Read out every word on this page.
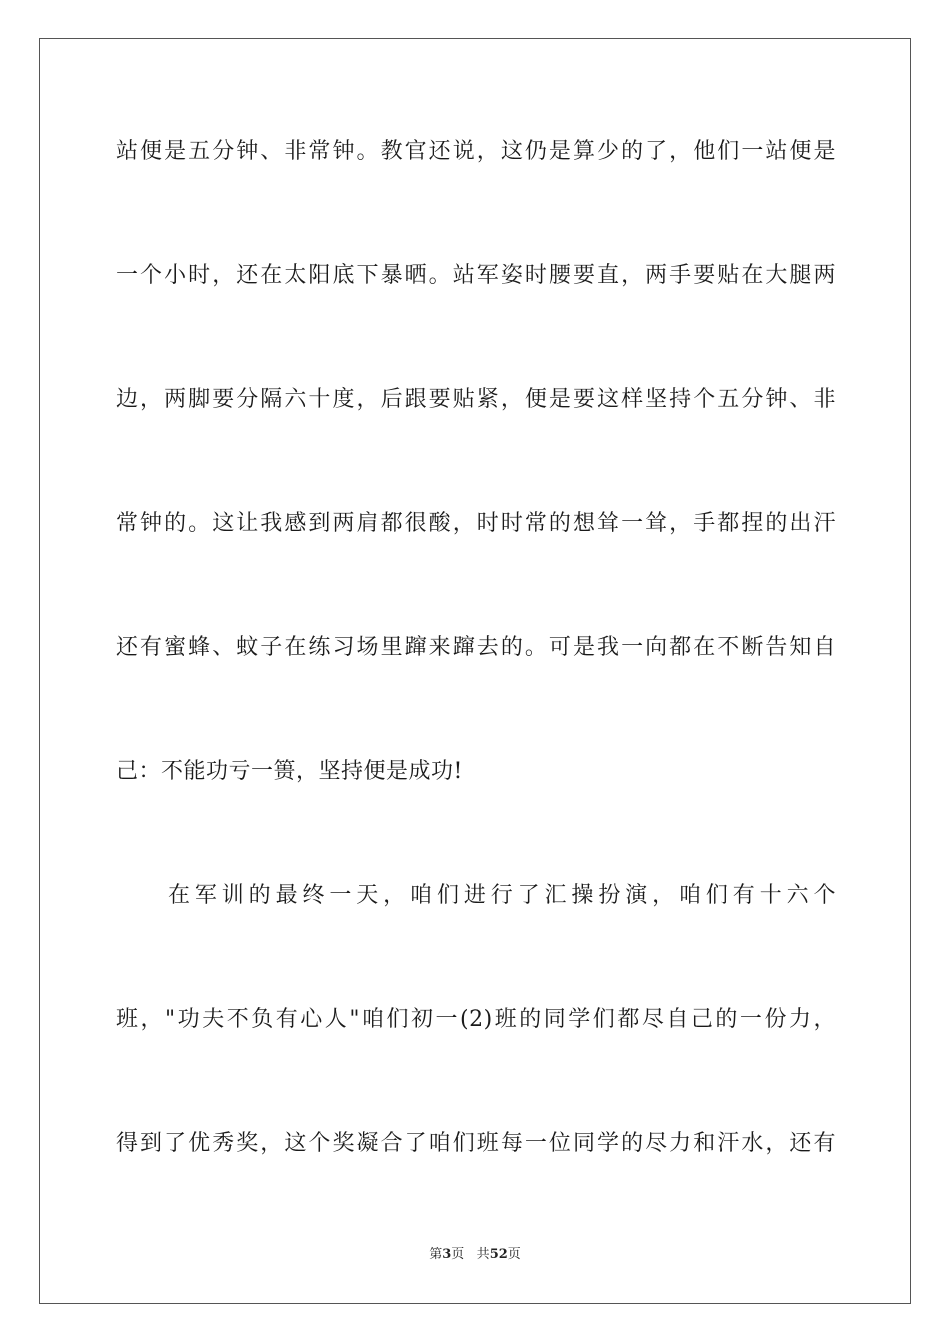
站便是五分钟、非常钟。教官还说，这仍是算少的了，他们一站便是
一个小时，还在太阳底下暴晒。站军姿时腰要直，两手要贴在大腿两
边，两脚要分隔六十度，后跟要贴紧，便是要这样坚持个五分钟、非
常钟的。这让我感到两肩都很酸，时时常的想耸一耸，手都捏的出汗
还有蜜蜂、蚊子在练习场里蹿来蹿去的。可是我一向都在不断告知自
己：不能功亏一篑，坚持便是成功!
在军训的最终一天，咱们进行了汇操扮演，咱们有十六个
班，"功夫不负有心人"咱们初一(2)班的同学们都尽自己的一份力，
得到了优秀奖，这个奖凝合了咱们班每一位同学的尽力和汗水，还有
第3页 共52页
